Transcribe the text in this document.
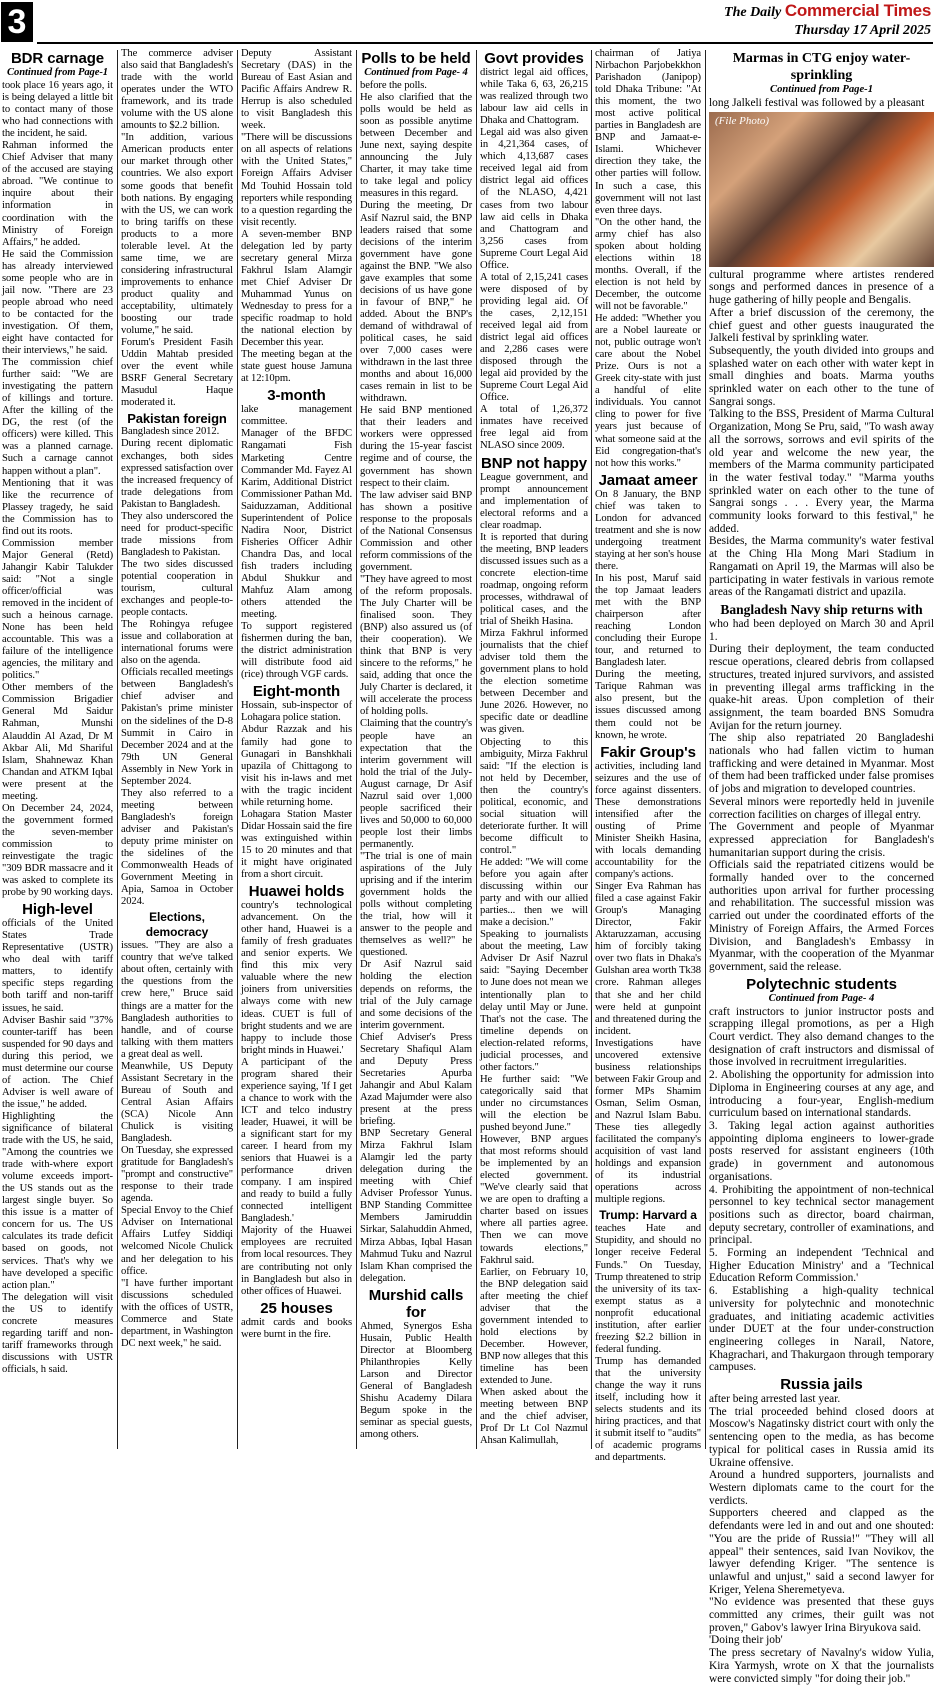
3	The Daily Commercial Times
Thursday 17 April 2025
BDR carnage
Continued from Page-1

took place 16 years ago, it is being delayed a little bit to contact many of those who had connections with the incident, he said.

Rahman informed the Chief Adviser that many of the accused are staying abroad. "We continue to inquire about their information in coordination with the Ministry of Foreign Affairs," he added.

He said the Commission has already interviewed some people who are in jail now. "There are 23 people abroad who need to be contacted for the investigation. Of them, eight have contacted for their interviews," he said.

The commission chief further said: "We are investigating the pattern of killings and torture. After the killing of the DG, the rest (of the officers) were killed. This was a planned carnage. Such a carnage cannot happen without a plan".

Mentioning that it was like the recurrence of Plassey tragedy, he said the Commission has to find out its roots.

Commission member Major General (Retd) Jahangir Kabir Talukder said: "Not a single officer/official was removed in the incident of such a heinous carnage. None has been held accountable. This was a failure of the intelligence agencies, the military and politics."

Other members of the Commission Brigadier General Md Saidur Rahman, Munshi Alauddin Al Azad, Dr M Akbar Ali, Md Shariful Islam, Shahnewaz Khan Chandan and ATKM Iqbal were present at the meeting.

On December 24, 2024, the government formed the seven-member commission to reinvestigate the tragic "309 BDR massacre and it was asked to complete its probe by 90 working days.

High-level

officials of the United States Trade Representative (USTR) who deal with tariff matters, to identify specific steps regarding both tariff and non-tariff issues, he said.

Adviser Bashir said "37% counter-tariff has been suspended for 90 days and during this period, we must determine our course of action. The Chief Adviser is well aware of the issue," he added.

Highlighting the significance of bilateral trade with the US, he said, "Among the countries we trade with-where export volume exceeds import-the US stands out as the largest single buyer. So this issue is a matter of concern for us. The US calculates its trade deficit based on goods, not services. That's why we have developed a specific action plan."

The delegation will visit the US to identify concrete measures regarding tariff and non-tariff frameworks through discussions with USTR officials, h said.

The commerce adviser also said that Bangladesh's trade with the world operates under the WTO framework, and its trade volume with the US alone amounts to $2.2 billion.

"In addition, various American products enter our market through other countries. We also export some goods that benefit both nations. By engaging with the US, we can work to bring tariffs on these products to a more tolerable level. At the same time, we are considering infrastructural improvements to enhance product quality and acceptability, ultimately boosting our trade volume," he said.

Forum's President Fasih Uddin Mahtab presided over the event while BSRF General Secretary Masudul Haque moderated it.

Pakistan foreign

Bangladesh since 2012.

During recent diplomatic exchanges, both sides expressed satisfaction over the increased frequency of trade delegations from Pakistan to Bangladesh.

They also underscored the need for product-specific trade missions from Bangladesh to Pakistan.

The two sides discussed potential cooperation in tourism, cultural exchanges and people-to-people contacts.

The Rohingya refugee issue and collaboration at international forums were also on the agenda.

Officials recalled meetings between Bangladesh's chief adviser and Pakistan's prime minister on the sidelines of the D-8 Summit in Cairo in December 2024 and at the 79th UN General Assembly in New York in September 2024.

They also referred to a meeting between Bangladesh's foreign adviser and Pakistan's deputy prime minister on the sidelines of the Commonwealth Heads of Government Meeting in Apia, Samoa in October 2024.

Elections, democracy

issues. "They are also a country that we've talked about often, certainly with the questions from the crew here," Bruce said things are a matter for the Bangladesh authorities to handle, and of course talking with them matters a great deal as well.

Meanwhile, US Deputy Assistant Secretary in the Bureau of South and Central Asian Affairs (SCA) Nicole Ann Chulick is visiting Bangladesh.

On Tuesday, she expressed gratitude for Bangladesh's "prompt and constructive" response to their trade agenda.

Special Envoy to the Chief Adviser on International Affairs Lutfey Siddiqi welcomed Nicole Chulick and her delegation to his office.

"I have further important discussions scheduled with the offices of USTR, Commerce and State department, in Washington DC next week," he said.

Deputy Assistant Secretary (DAS) in the Bureau of East Asian and Pacific Affairs Andrew R. Herrup is also scheduled to visit Bangladesh this week.

"There will be discussions on all aspects of relations with the United States," Foreign Affairs Adviser Md Touhid Hossain told reporters while responding to a question regarding the visit recently.

A seven-member BNP delegation led by party secretary general Mirza Fakhrul Islam Alamgir met Chief Adviser Dr Muhammad Yunus on Wednesday to press for a specific roadmap to hold the national election by December this year.

The meeting began at the state guest house Jamuna at 12:10pm.

3-month

lake management committee.

Manager of the BFDC Rangamati Fish Marketing Centre Commander Md. Fayez Al Karim, Additional District Commissioner Pathan Md. Saiduzzaman, Additional Superintendent of Police Nadira Noor, District Fisheries Officer Adhir Chandra Das, and local fish traders including Abdul Shukkur and Mahfuz Alam among others attended the meeting.

To support registered fishermen during the ban, the district administration will distribute food aid (rice) through VGF cards.

Eight-month

Hossain, sub-inspector of Lohagara police station.

Abdur Razzak and his family had gone to Gunagari in Banshkhali upazila of Chittagong to visit his in-laws and met with the tragic incident while returning home.

Lohagara Station Master Didar Hossain said the fire was extinguished within 15 to 20 minutes and that it might have originated from a short circuit.

Huawei holds

country's technological advancement. On the other hand, Huawei is a family of fresh graduates and senior experts. We find this mix very valuable where the new joiners from universities always come with new ideas. CUET is full of bright students and we are happy to include those bright minds in Huawei.'

A participant of the program shared their experience saying, 'If I get a chance to work with the ICT and telco industry leader, Huawei, it will be a significant start for my career. I heard from my seniors that Huawei is a performance driven company. I am inspired and ready to build a fully connected intelligent Bangladesh.'

Majority of the Huawei employees are recruited from local resources. They are contributing not only in Bangladesh but also in other offices of Huawei.

25 houses

admit cards and books were burnt in the fire.

Polls to be held
Continued from Page- 4

before the polls.

He also clarified that the polls would be held as soon as possible anytime between December and June next, saying despite announcing the July Charter, it may take time to take legal and policy measures in this regard.

During the meeting, Dr Asif Nazrul said, the BNP leaders raised that some decisions of the interim government have gone against the BNP. "We also gave examples that some decisions of us have gone in favour of BNP," he added. About the BNP's demand of withdrawal of political cases, he said over 7,000 cases were withdrawn in the last three months and about 16,000 cases remain in list to be withdrawn.

He said BNP mentioned that their leaders and workers were oppressed during the 15-year fascist regime and of course, the government has shown respect to their claim.

The law adviser said BNP has shown a positive response to the proposals of the National Consensus Commission and other reform commissions of the government.

"They have agreed to most of the reform proposals. The July Charter will be finalised soon. They (BNP) also assured us (of their cooperation). We think that BNP is very sincere to the reforms," he said, adding that once the July Charter is declared, it will accelerate the process of holding polls.

Claiming that the country's people have an expectation that the interim government will hold the trial of the July-August carnage, Dr Asif Nazrul said over 1,000 people sacrificed their lives and 50,000 to 60,000 people lost their limbs permanently.

"The trial is one of main aspirations of the July uprising and if the interim government holds the polls without completing the trial, how will it answer to the people and themselves as well?" he questioned.

Dr Asif Nazrul said holding the election depends on reforms, the trial of the July carnage and some decisions of the interim government.

Chief Adviser's Press Secretary Shafiqul Alam and Deputy Press Secretaries Apurba Jahangir and Abul Kalam Azad Majumder were also present at the press briefing.

BNP Secretary General Mirza Fakhrul Islam Alamgir led the party delegation during the meeting with Chief Adviser Professor Yunus. BNP Standing Committee Members Jamiruddin Sirkar, Salahuddin Ahmed, Mirza Abbas, Iqbal Hasan Mahmud Tuku and Nazrul Islam Khan comprised the delegation.

Murshid calls for

Ahmed, Synergos Esha Husain, Public Health Director at Bloomberg Philanthropies Kelly Larson and Director General of Bangladesh Shishu Academy Dilara Begum spoke in the seminar as special guests, among others.

Govt provides

district legal aid offices, while Taka 6, 63, 26,215 was realized through two labour law aid cells in Dhaka and Chattogram.

Legal aid was also given in 4,21,364 cases, of which 4,13,687 cases received legal aid from district legal aid offices of the NLASO, 4,421 cases from two labour law aid cells in Dhaka and Chattogram and 3,256 cases from Supreme Court Legal Aid Office.

A total of 2,15,241 cases were disposed of by providing legal aid. Of the cases, 2,12,151 received legal aid from district legal aid offices and 2,286 cases were disposed through the legal aid provided by the Supreme Court Legal Aid Office.

A total of 1,26,372 inmates have received free legal aid from NLASO since 2009.

BNP not happy

League government, and prompt announcement and implementation of electoral reforms and a clear roadmap.

It is reported that during the meeting, BNP leaders discussed issues such as a concrete election-time roadmap, ongoing reform processes, withdrawal of political cases, and the trial of Sheikh Hasina.

Mirza Fakhrul informed journalists that the chief adviser told them the government plans to hold the election sometime between December and June 2026. However, no specific date or deadline was given.

Objecting to this ambiguity, Mirza Fakhrul said: "If the election is not held by December, then the country's political, economic, and social situation will deteriorate further. It will become difficult to control."

He added: "We will come before you again after discussing within our party and with our allied parties... then we will make a decision."

Speaking to journalists about the meeting, Law Adviser Dr Asif Nazrul said: "Saying December to June does not mean we intentionally plan to delay until May or June. That's not the case. The timeline depends on election-related reforms, judicial processes, and other factors."

He further said: "We categorically said that under no circumstances will the election be pushed beyond June."

However, BNP argues that most reforms should be implemented by an elected government. "We've clearly said that we are open to drafting a charter based on issues where all parties agree. Then we can move towards elections," Fakhrul said.

Earlier, on February 10, the BNP delegation said after meeting the chief adviser that the government intended to hold elections by December. However, BNP now alleges that this timeline has been extended to June.

When asked about the meeting between BNP and the chief adviser, Prof Dr Lt Col Nazmul Ahsan Kalimullah,

chairman of Jatiya Nirbachon Parjobekkhon Parishadon (Janipop) told Dhaka Tribune: "At this moment, the two most active political parties in Bangladesh are BNP and Jamaat-e-Islami. Whichever direction they take, the other parties will follow. In such a case, this government will not last even three days.

"On the other hand, the army chief has also spoken about holding elections within 18 months. Overall, if the election is not held by December, the outcome will not be favorable."

He added: "Whether you are a Nobel laureate or not, public outrage won't care about the Nobel Prize. Ours is not a Greek city-state with just a handful of elite individuals. You cannot cling to power for five years just because of what someone said at the Eid congregation-that's not how this works."

Jamaat ameer

On 8 January, the BNP chief was taken to London for advanced treatment and she is now undergoing treatment staying at her son's house there.

In his post, Maruf said the top Jamaat leaders met with the BNP chairperson after reaching London concluding their Europe tour, and returned to Bangladesh later.

During the meeting, Tarique Rahman was also present, but the issues discussed among them could not be known, he wrote.

Fakir Group's

activities, including land seizures and the use of force against dissenters. These demonstrations intensified after the ousting of Prime Minister Sheikh Hasina, with locals demanding accountability for the company's actions.

Singer Eva Rahman has filed a case against Fakir Group's Managing Director, Fakir Aktaruzzaman, accusing him of forcibly taking over two flats in Dhaka's Gulshan area worth Tk38 crore. Rahman alleges that she and her child were held at gunpoint and threatened during the incident.

Investigations have uncovered extensive business relationships between Fakir Group and former MPs Shamim Osman, Selim Osman, and Nazrul Islam Babu. These ties allegedly facilitated the company's acquisition of vast land holdings and expansion of its industrial operations across multiple regions.

Trump: Harvard a

teaches Hate and Stupidity, and should no longer receive Federal Funds." On Tuesday, Trump threatened to strip the university of its tax-exempt status as a nonprofit educational institution, after earlier freezing $2.2 billion in federal funding.

Trump has demanded that the university change the way it runs itself, including how it selects students and its hiring practices, and that it submit itself to "audits" of academic programs and departments.

Marmas in CTG enjoy water-sprinkling
Continued from Page-1

long Jalkeli festival was followed by a pleasant

(File Photo)

cultural programme where artistes rendered songs and performed dances in presence of a huge gathering of hilly people and Bengalis.

After a brief discussion of the ceremony, the chief guest and other guests inaugurated the Jalkeli festival by sprinkling water.

Subsequently, the youth divided into groups and splashed water on each other with water kept in small dinghies and boats. Marma youths sprinkled water on each other to the tune of Sangrai songs.

Talking to the BSS, President of Marma Cultural Organization, Mong Se Pru, said, "To wash away all the sorrows, sorrows and evil spirits of the old year and welcome the new year, the members of the Marma community participated in the water festival today." "Marma youths sprinkled water on each other to the tune of Sangrai songs . . . Every year, the Marma community looks forward to this festival," he added.

Besides, the Marma community's water festival at the Ching Hla Mong Mari Stadium in Rangamati on April 19, the Marmas will also be participating in water festivals in various remote areas of the Rangamati district and upazila.

Bangladesh Navy ship returns with

who had been deployed on March 30 and April 1.

During their deployment, the team conducted rescue operations, cleared debris from collapsed structures, treated injured survivors, and assisted in preventing illegal arms trafficking in the quake-hit areas. Upon completion of their assignment, the team boarded BNS Somudra Avijan for the return journey.

The ship also repatriated 20 Bangladeshi nationals who had fallen victim to human trafficking and were detained in Myanmar. Most of them had been trafficked under false promises of jobs and migration to developed countries.

Several minors were reportedly held in juvenile correction facilities on charges of illegal entry.

The Government and people of Myanmar expressed appreciation for Bangladesh's humanitarian support during the crisis.

Officials said the repatriated citizens would be formally handed over to the concerned authorities upon arrival for further processing and rehabilitation. The successful mission was carried out under the coordinated efforts of the Ministry of Foreign Affairs, the Armed Forces Division, and Bangladesh's Embassy in Myanmar, with the cooperation of the Myanmar government, said the release.

Polytechnic students
Continued from Page- 4

craft instructors to junior instructor posts and scrapping illegal promotions, as per a High Court verdict. They also demand changes to the designation of craft instructors and dismissal of those involved in recruitment irregularities.

2. Abolishing the opportunity for admission into Diploma in Engineering courses at any age, and introducing a four-year, English-medium curriculum based on international standards.

3. Taking legal action against authorities appointing diploma engineers to lower-grade posts reserved for assistant engineers (10th grade) in government and autonomous organisations.

4. Prohibiting the appointment of non-technical personnel to key technical sector management positions such as director, board chairman, deputy secretary, controller of examinations, and principal.

5. Forming an independent 'Technical and Higher Education Ministry' and a 'Technical Education Reform Commission.'

6. Establishing a high-quality technical university for polytechnic and monotechnic graduates, and initiating academic activities under DUET at the four under-construction engineering colleges in Narail, Natore, Khagrachari, and Thakurgaon through temporary campuses.

Russia jails

after being arrested last year.

The trial proceeded behind closed doors at Moscow's Nagatinsky district court with only the sentencing open to the media, as has become typical for political cases in Russia amid its Ukraine offensive.

Around a hundred supporters, journalists and Western diplomats came to the court for the verdicts.

Supporters cheered and clapped as the defendants were led in and out and one shouted: "You are the pride of Russia!" "They will all appeal" their sentences, said Ivan Novikov, the lawyer defending Kriger. "The sentence is unlawful and unjust," said a second lawyer for Kriger, Yelena Sheremetyeva.

"No evidence was presented that these guys committed any crimes, their guilt was not proven," Gabov's lawyer Irina Biryukova said.

'Doing their job'

The press secretary of Navalny's widow Yulia, Kira Yarmysh, wrote on X that the journalists were convicted simply "for doing their job."
